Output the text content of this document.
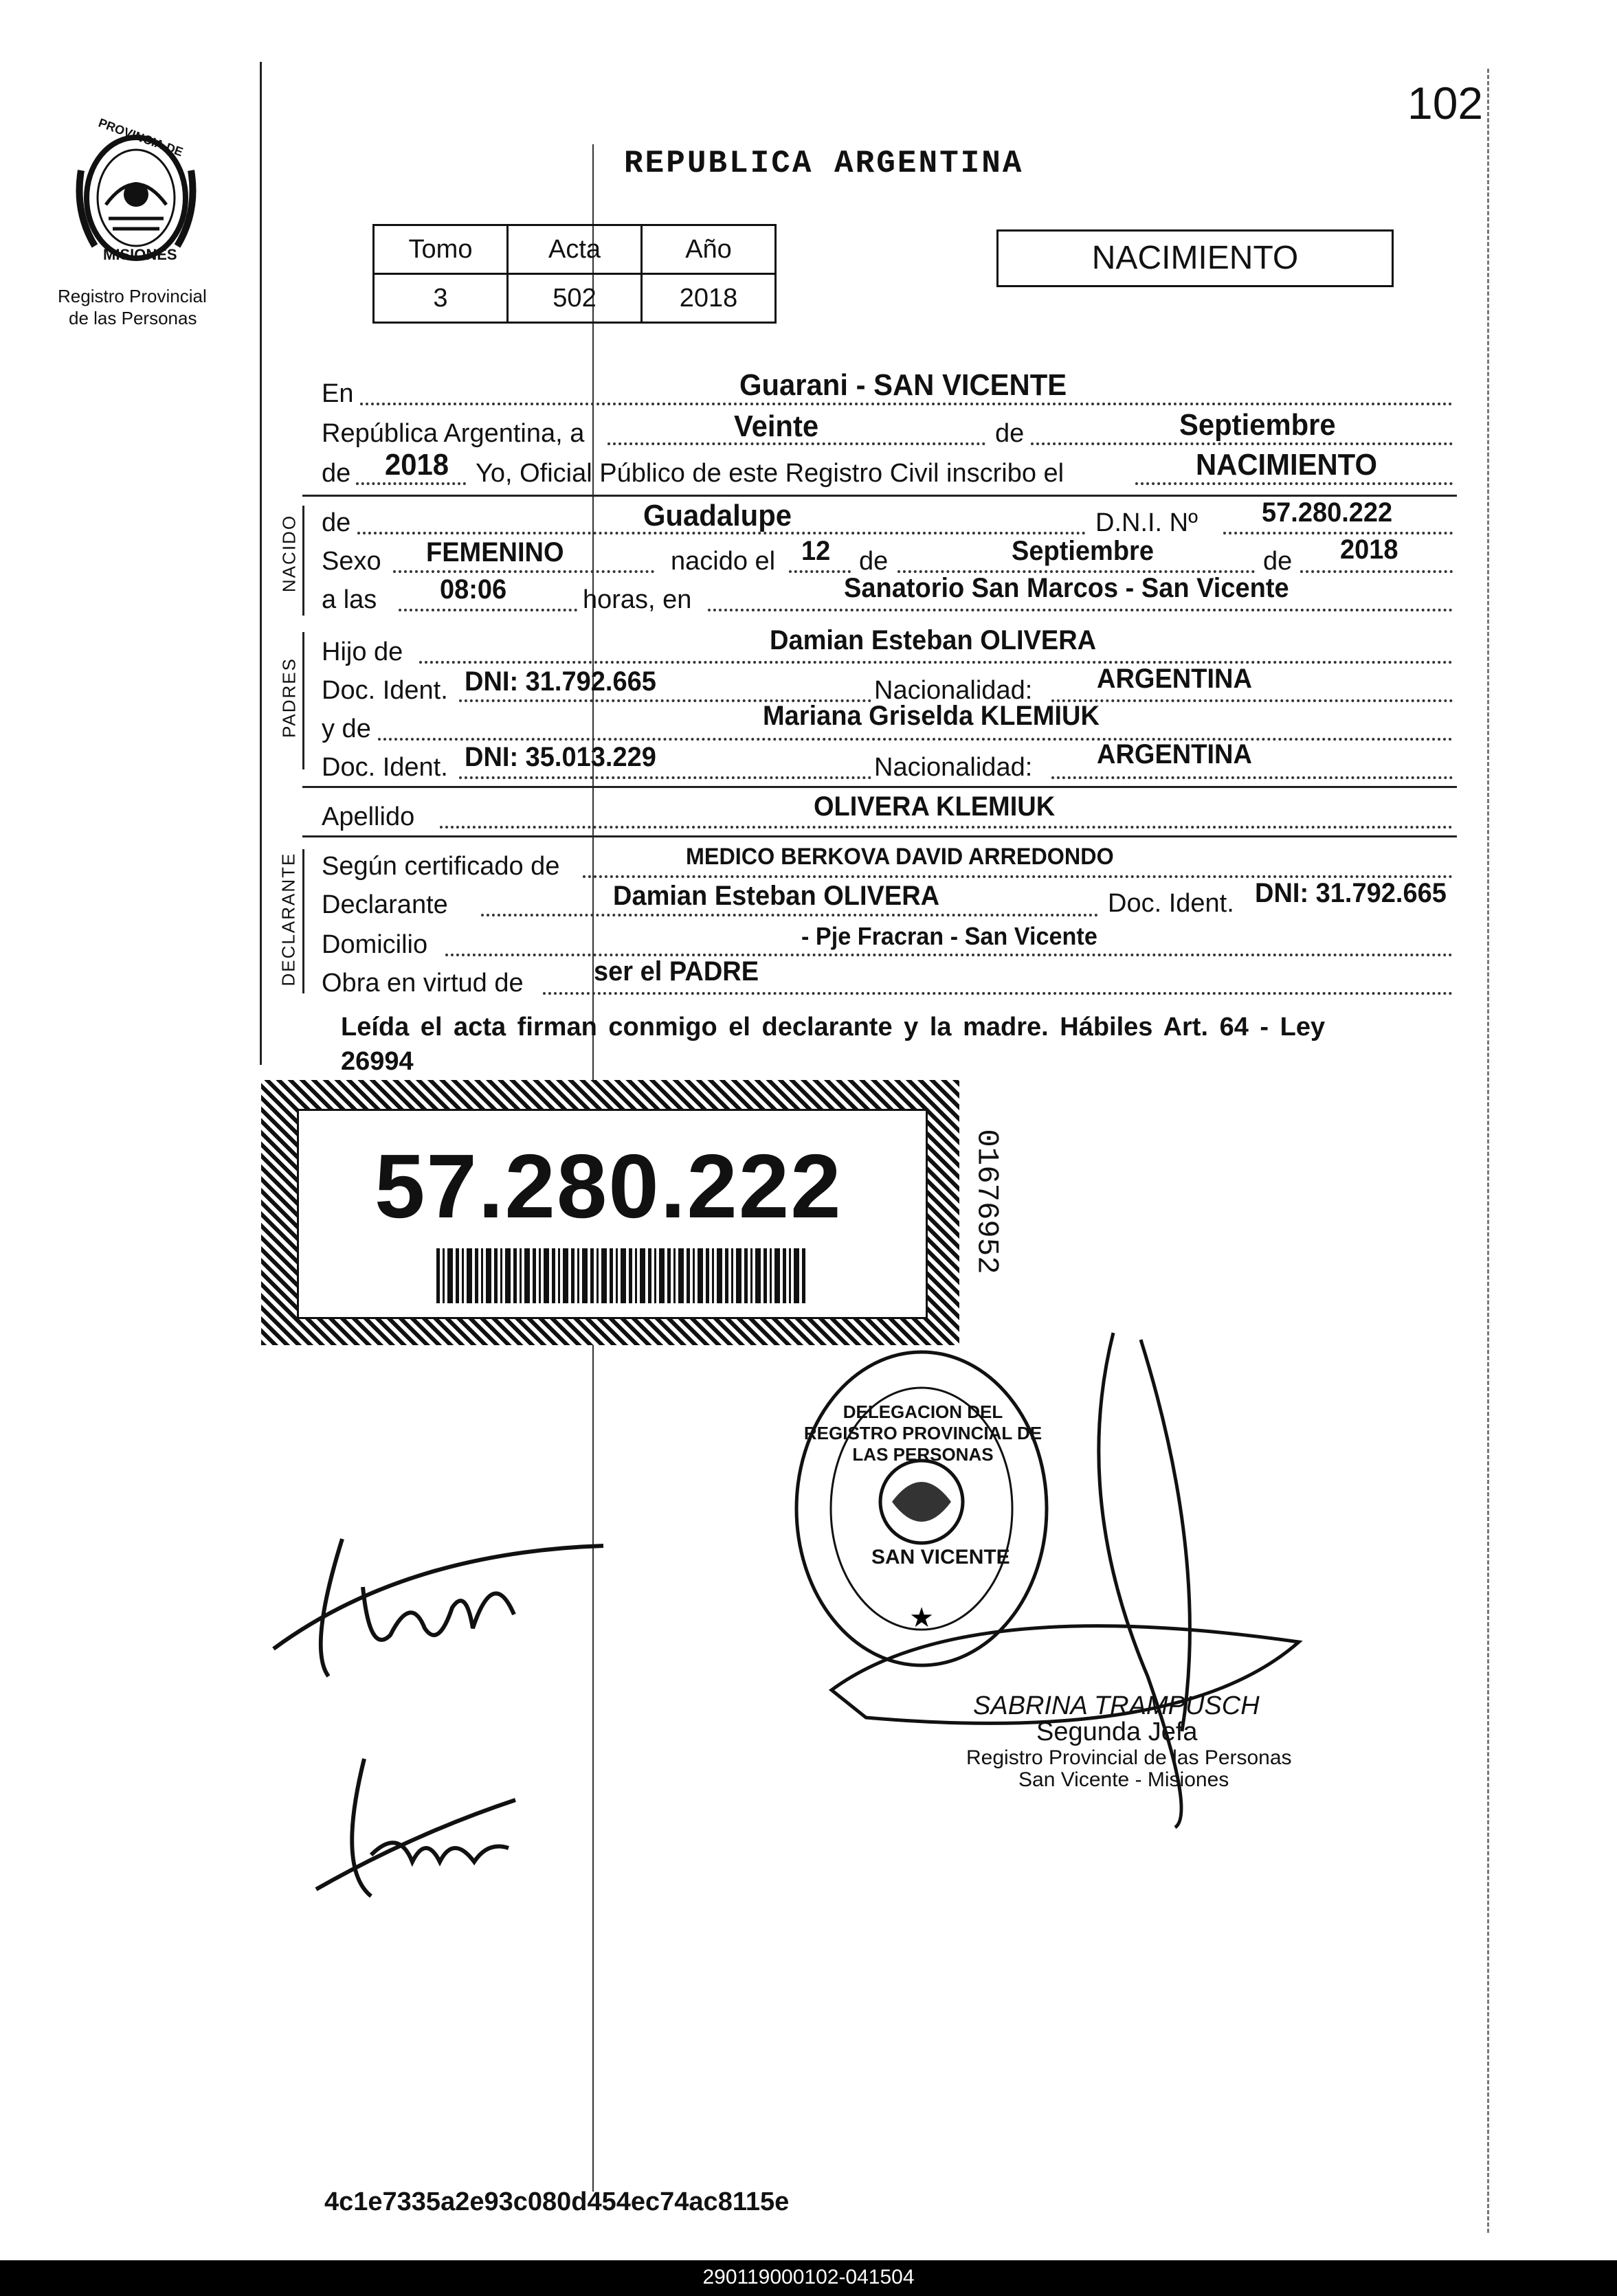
102
PROVINCIA DE
MISIONES
Registro Provincial
de las Personas
REPUBLICA ARGENTINA
Tomo	Acta	Año
3	502	2018
NACIMIENTO
En	Guarani - SAN VICENTE
República Argentina, a	Veinte	de	Septiembre
de 2018 Yo, Oficial Público de este Registro Civil inscribo el	NACIMIENTO
NACIDO de	Guadalupe	D.N.I. Nº 57.280.222
Sexo FEMENINO	nacido el 12 de	Septiembre	de 2018
a las 08:06	horas, en	Sanatorio San Marcos - San Vicente
PADRES
Hijo de	Damian Esteban OLIVERA
Doc. Ident. DNI: 31.792.665	Nacionalidad: ARGENTINA
y de	Mariana Griselda KLEMIUK
Doc. Ident. DNI: 35.013.229	Nacionalidad: ARGENTINA
Apellido	OLIVERA KLEMIUK
DECLARANTE Según certificado de	MEDICO BERKOVA DAVID ARREDONDO
Declarante	Damian Esteban OLIVERA	Doc. Ident. DNI: 31.792.665
Domicilio	- Pje Fracran - San Vicente
Obra en virtud de	ser el PADRE
Leída el acta firman conmigo el declarante y la madre. Hábiles Art. 64 - Ley
26994
57.280.222	01676952
★
DELEGACION DEL REGISTRO PROVINCIAL DE LAS PERSONAS
SAN VICENTE
SABRINA TRAMPUSCH
Segunda Jefa
Registro Provincial de las Personas
San Vicente - Misiones
4c1e7335a2e93c080d454ec74ac8115e
290119000102-041504
